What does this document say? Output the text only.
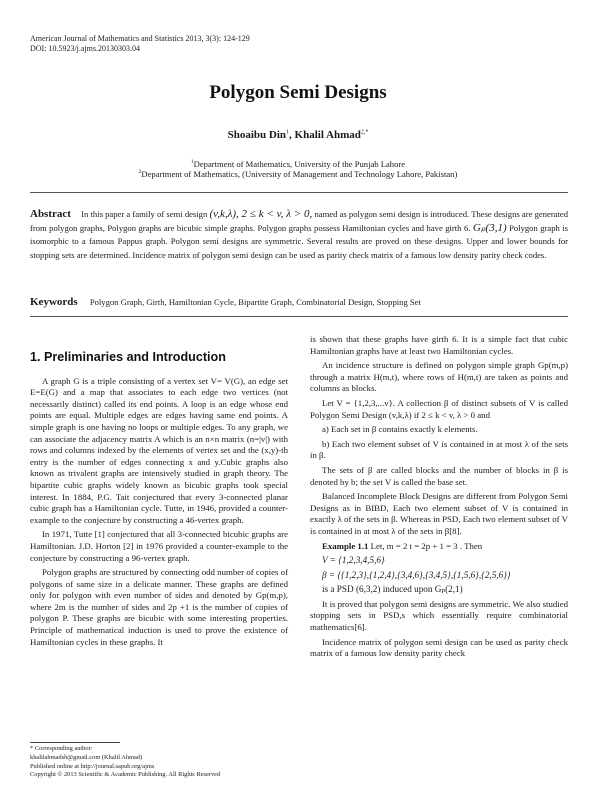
American Journal of Mathematics and Statistics 2013, 3(3): 124-129
DOI: 10.5923/j.ajms.20130303.04
Polygon Semi Designs
Shoaibu Din$^1$, Khalil Ahmad$^{2,*}$
$^1$Department of Mathematics, University of the Punjab Lahore
$^2$Department of Mathematics, (University of Management and Technology Lahore, Pakistan)
Abstract In this paper a family of semi design (v,k,λ), 2 ≤ k < v, λ > 0, named as polygon semi design is introduced. These designs are generated from polygon graphs, Polygon graphs are bicubic simple graphs. Polygon graphs possess Hamiltonian cycles and have girth 6. Gₚ(3,1) Polygon graph is isomorphic to a famous Pappus graph. Polygon semi designs are symmetric. Several results are proved on these designs. Upper and lower bounds for stopping sets are determined. Incidence matrix of polygon semi design can be used as parity check matrix of a famous low density parity check codes.
Keywords Polygon Graph, Girth, Hamiltonian Cycle, Bipartite Graph, Combinatorial Design, Stopping Set
1. Preliminaries and Introduction

A graph G is a triple consisting of a vertex set V= V(G), an edge set E=E(G) and a map that associates to each edge two vertices (not necessarily distinct) called its end points. A loop is an edge whose end points are equal. Multiple edges are edges having same end points. A simple graph is one having no loops or multiple edges. To any graph, we can associate the adjacency matrix A which is an n×n matrix (n=|v|) with rows and columns indexed by the elements of vertex set and the (x,y)-th entry is the number of edges connecting x and y.Cubic graphs also known as trivalent graphs are intensively studied in graph theory. The bipartite cubic graphs widely known as bicubic graphs took special interest. In 1884, P.G. Tait conjectured that every 3-connected planar cubic graph has a Hamiltonian cycle. Tutte, in 1946, provided a counter-example to the conjecture by constructing a 46-vertex graph.

In 1971, Tutte [1] conjectured that all 3-connected bicubic graphs are Hamiltonian. J.D. Horton [2] in 1976 provided a counter-example to the conjecture by constructing a 96-vertex graph.

Polygon graphs are structured by connecting odd number of copies of polygons of same size in a delicate manner. These graphs are defined only for polygon with even number of sides and denoted by Gp(m,p), where 2m is the number of sides and 2p +1 is the number of copies of polygon P. These graphs are bicubic with some interesting properties. Principle of mathematical induction is used to prove the existence of Hamiltonian cycles in these graphs. It

is shown that these graphs have girth 6. It is a simple fact that cubic Hamiltonian graphs have at least two Hamiltonian cycles.

An incidence structure is defined on polygon simple graph Gp(m,p) through a matrix H(m,t), where rows of H(m,t) are taken as points and columns as blocks.

Let V = {1,2,3,...v}. A collection β of distinct subsets of V is called Polygon Semi Design (v,k,λ) if 2 ≤ k < v, λ > 0 and

a) Each set in β contains exactly k elements.

b) Each two element subset of V is contained in at most λ of the sets in β.

The sets of β are called blocks and the number of blocks in β is denoted by b; the set V is called the base set.

Balanced Incomplete Block Designs are different from Polygon Semi Designs as in BIBD, Each two element subset of V is contained in exactly λ of the sets in β. Whereas in PSD, Each two element subset of V is contained in at most λ of the sets in β[8].

Example 1.1 Let, m = 2 t = 2p + 1 = 3 . Then

V = {1,2,3,4,5,6}

β = {{1,2,3},{1,2,4},{3,4,6},{3,4,5},{1,5,6},{2,5,6}}

is a PSD (6,3,2) induced upon Gₚ(2,1)

It is proved that polygon semi designs are symmetric. We also studied stopping sets in PSD,s which essentially require combinatorial mathematics[6].

Incidence matrix of polygon semi design can be used as parity check matrix of a famous low density parity check

* Corresponding author:
khalilahmadsh@gmail.com (Khalil Ahmad)
Published online at http://journal.sapub.org/ajms
Copyright © 2013 Scientific & Academic Publishing. All Rights Reserved
